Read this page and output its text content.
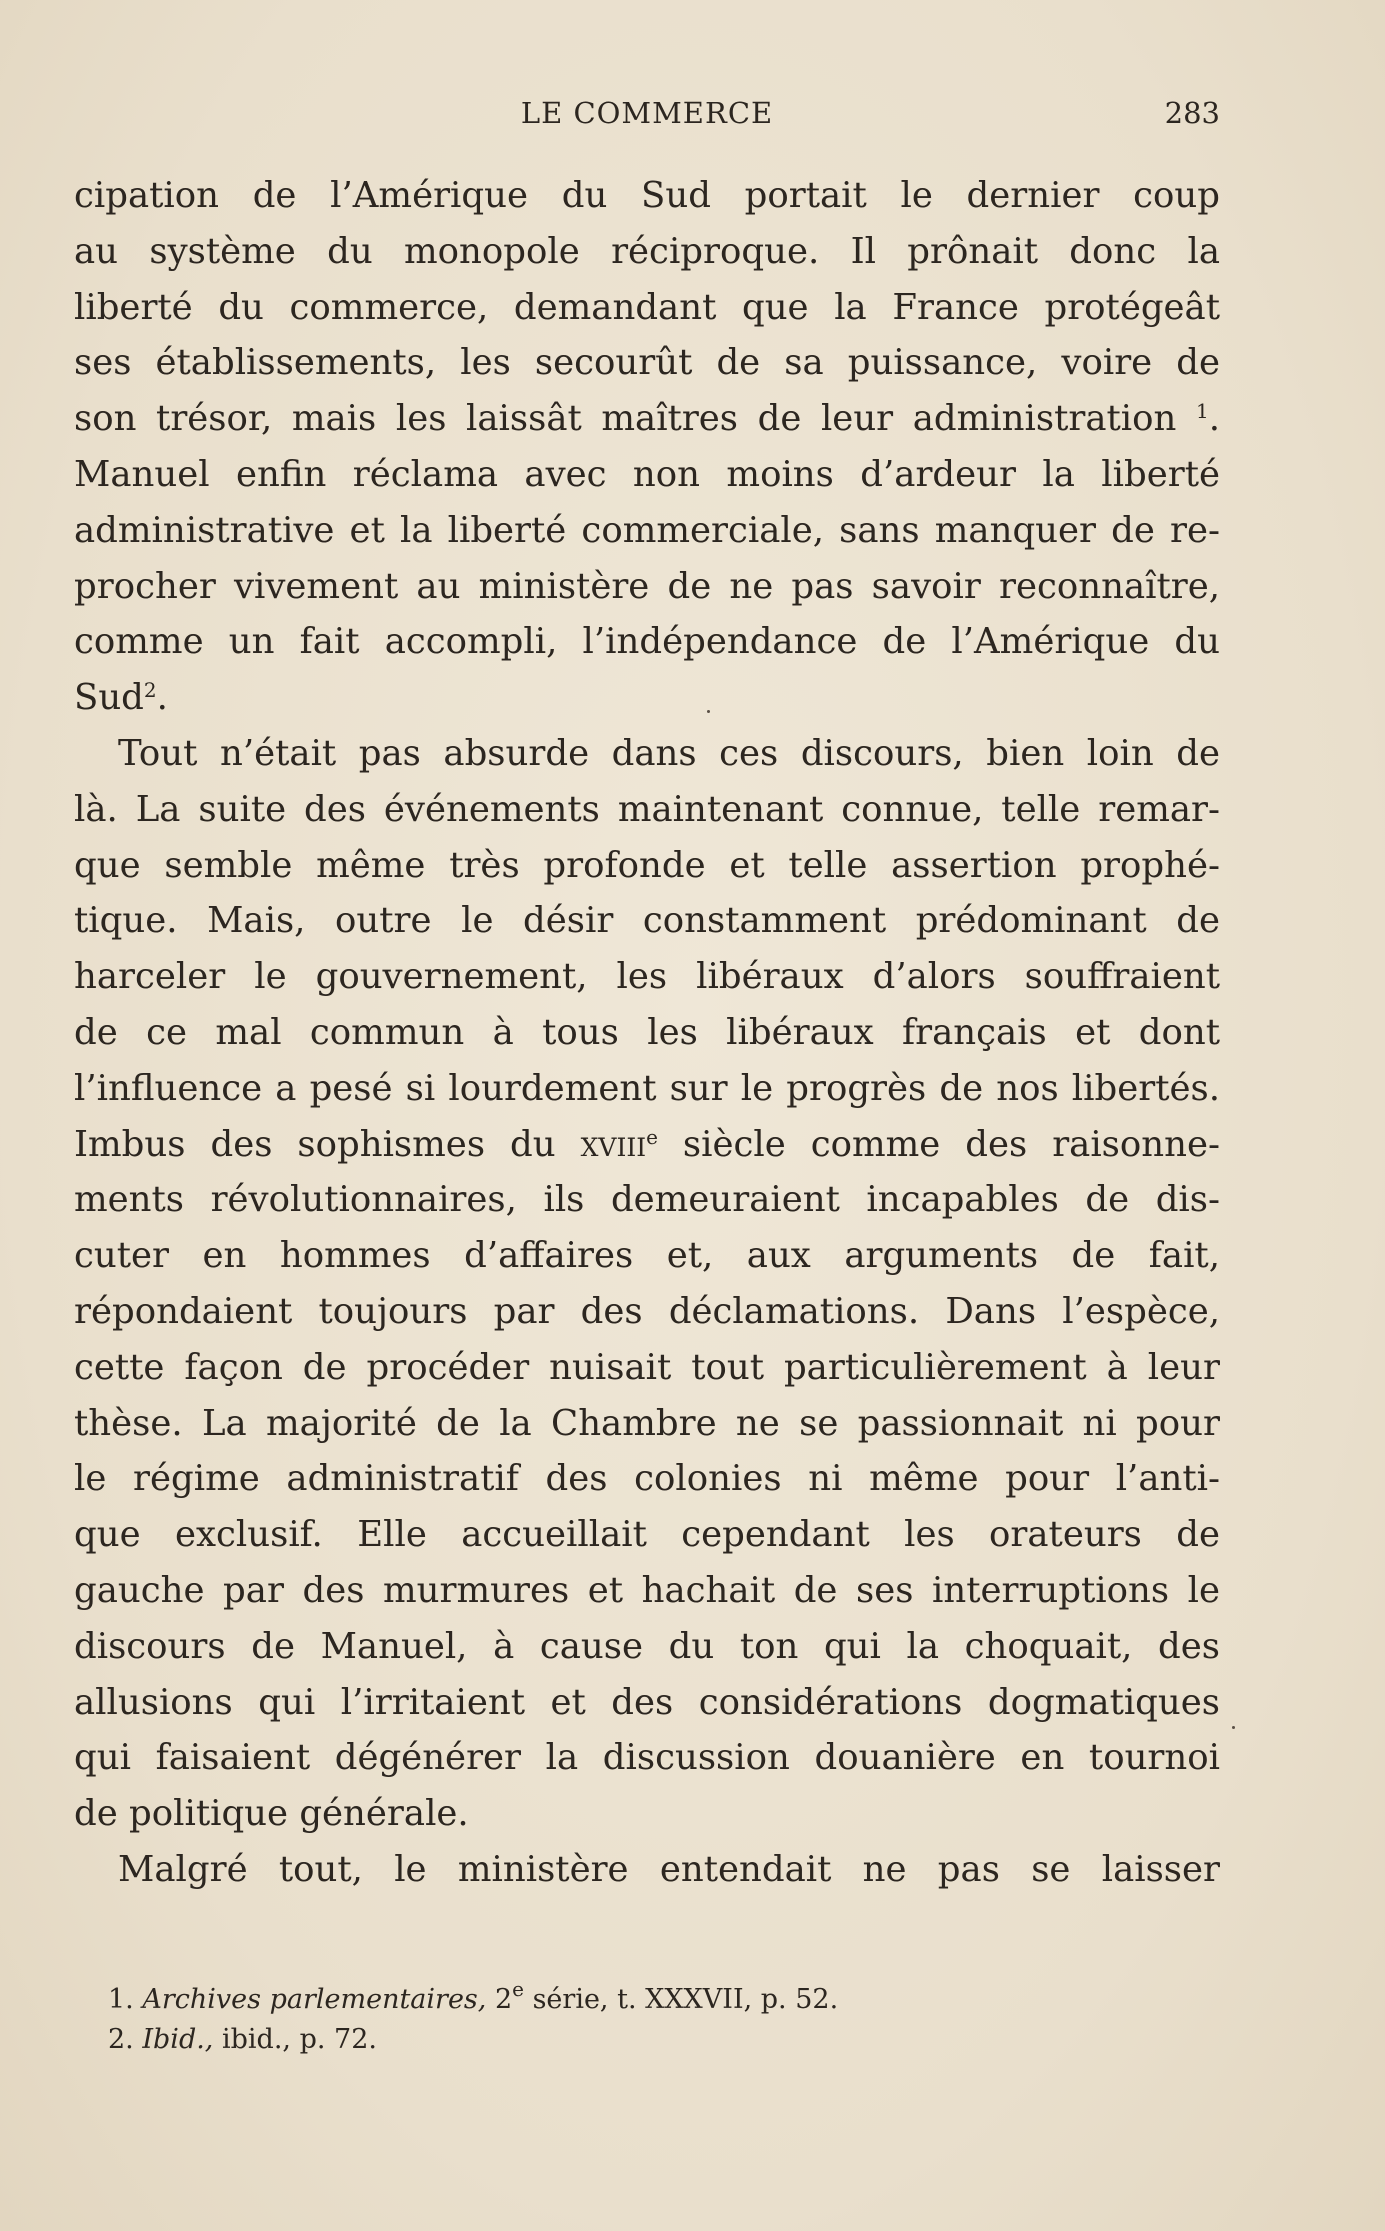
LE COMMERCE	283
cipation de l’Amérique du Sud portait le dernier coup
au système du monopole réciproque. Il prônait donc la
liberté du commerce, demandant que la France protégeât
ses établissements, les secourût de sa puissance, voire de
son trésor, mais les laissât maîtres de leur administration $^1$.
Manuel enfin réclama avec non moins d’ardeur la liberté
administrative et la liberté commerciale, sans manquer de re-
procher vivement au ministère de ne pas savoir reconnaître,
comme un fait accompli, l’indépendance de l’Amérique du
Sud$^2$.
Tout n’était pas absurde dans ces discours, bien loin de
là. La suite des événements maintenant connue, telle remar-
que semble même très profonde et telle assertion prophé-
tique. Mais, outre le désir constamment prédominant de
harceler le gouvernement, les libéraux d’alors souffraient
de ce mal commun à tous les libéraux français et dont
l’influence a pesé si lourdement sur le progrès de nos libertés.
Imbus des sophismes du xviii$^e$ siècle comme des raisonne-
ments révolutionnaires, ils demeuraient incapables de dis-
cuter en hommes d’affaires et, aux arguments de fait,
répondaient toujours par des déclamations. Dans l’espèce,
cette façon de procéder nuisait tout particulièrement à leur
thèse. La majorité de la Chambre ne se passionnait ni pour
le régime administratif des colonies ni même pour l’anti-
que exclusif. Elle accueillait cependant les orateurs de
gauche par des murmures et hachait de ses interruptions le
discours de Manuel, à cause du ton qui la choquait, des
allusions qui l’irritaient et des considérations dogmatiques
qui faisaient dégénérer la discussion douanière en tournoi
de politique générale.
Malgré tout, le ministère entendait ne pas se laisser
1. Archives parlementaires, 2e série, t. XXXVII, p. 52.
2. Ibid., ibid., p. 72.
